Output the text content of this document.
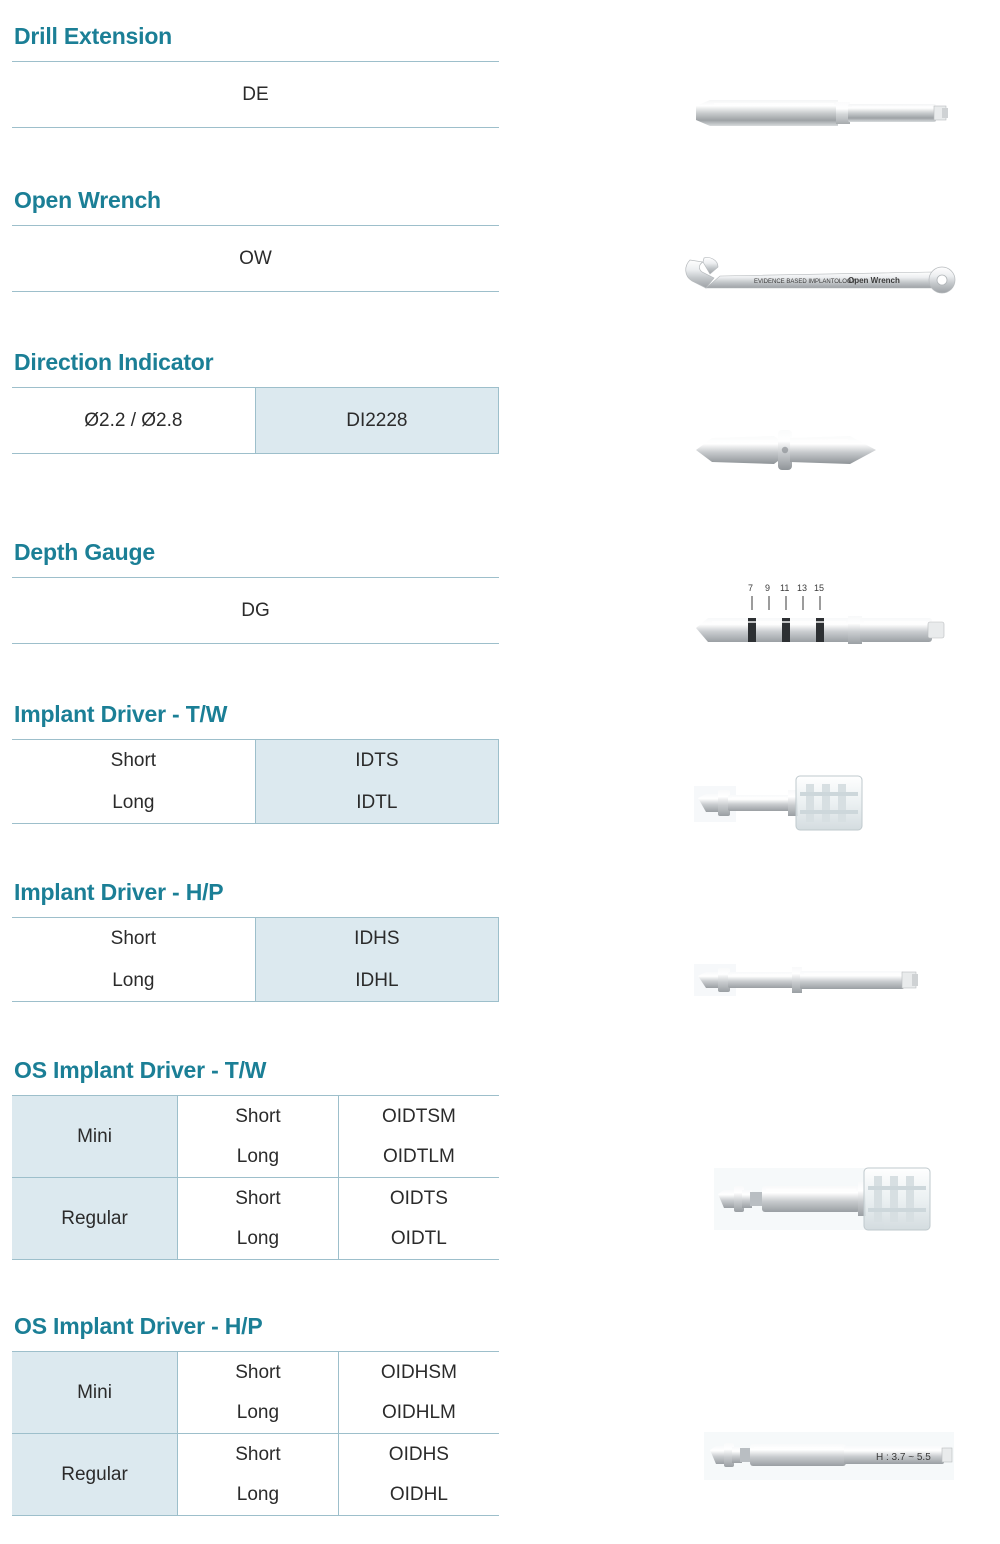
Drill Extension
DE
Open Wrench
OW
EVIDENCE BASED IMPLANTOLOGY
Open Wrench
Direction Indicator
Ø2.2 / Ø2.8	DI2228
Depth Gauge
DG
7 9 11 13 15
Implant Driver - T/W
Short	IDTS
Long	IDTL
Implant Driver - H/P
Short	IDHS
Long	IDHL
OS Implant Driver - T/W
Mini	Short	OIDTSM
	Long	OIDTLM
Regular	Short	OIDTS
	Long	OIDTL
OS Implant Driver - H/P
Mini	Short	OIDHSM
	Long	OIDHLM
Regular	Short	OIDHS
	Long	OIDHL
H : 3.7 ~ 5.5
